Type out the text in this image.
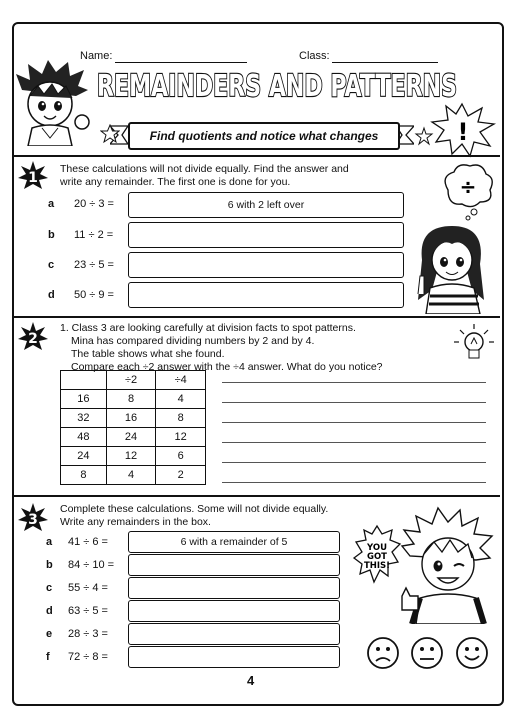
Name:	Class:
REMAINDERS AND PATTERNS
Find quotients and notice what changes	!
1
These calculations will not divide equally. Find the answer and
write any remainder. The first one is done for you.
a 20 ÷ 3 =	6 with 2 left over
b 11 ÷ 2 =
c 23 ÷ 5 =
d 50 ÷ 9 =
÷
2
1. Class 3 are looking carefully at division facts to spot patterns.
Mina has compared dividing numbers by 2 and by 4.
The table shows what she found.
Compare each ÷2 answer with the ÷4 answer. What do you notice?
	÷2	÷4
16	8	4
32	16	8
48	24	12
24	12	6
8	4	2
3
Complete these calculations. Some will not divide equally.
Write any remainders in the box.
a 41 ÷ 6 =	6 with a remainder of 5
b 84 ÷ 10 =
c 55 ÷ 4 =
d 63 ÷ 5 =
e 28 ÷ 3 =
f 72 ÷ 8 =
YOU
GOT
THIS!
4
